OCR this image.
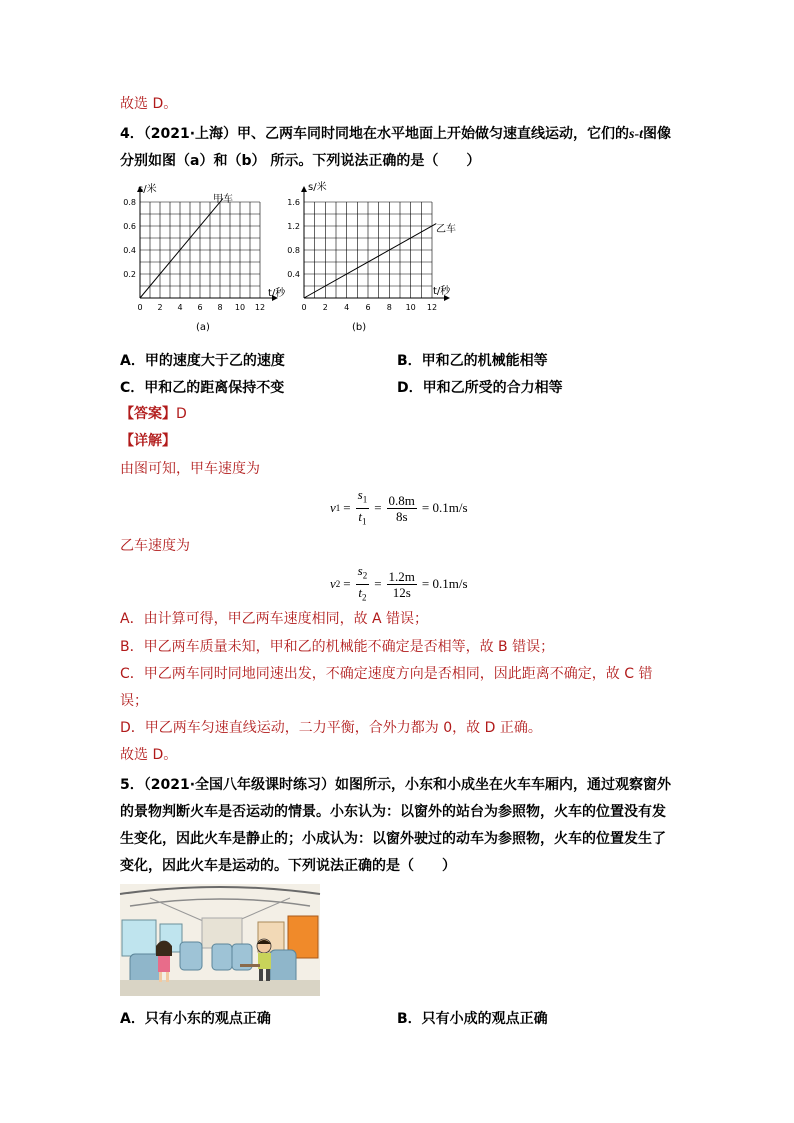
故选 D。
4．（2021·上海）甲、乙两车同时同地在水平地面上开始做匀速直线运动，它们的s-t图像
分别如图（a）和（b） 所示。下列说法正确的是（　　）
s/米
t/秒
甲车
0.2
0.4
0.6
0.8
0 2 4 6 8 10 12
(a)
s/米
t/秒
乙车
0.4
0.8
1.2
1.6
0 2 4 6 8 10 12
(b)
A．甲的速度大于乙的速度	B．甲和乙的机械能相等
C．甲和乙的距离保持不变	D．甲和乙所受的合力相等
【答案】D
【详解】
由图可知，甲车速度为
v $1 = \frac{s_1}{t_1} = \frac{0.8m}{8s} = 0.1m/s$
乙车速度为
v $2 = \frac{s_2}{t_2} = \frac{1.2m}{12s} = 0.1m/s$
A．由计算可得，甲乙两车速度相同，故 A 错误；
B．甲乙两车质量未知，甲和乙的机械能不确定是否相等，故 B 错误；
C．甲乙两车同时同地同速出发，不确定速度方向是否相同，因此距离不确定，故 C 错
误；
D．甲乙两车匀速直线运动，二力平衡，合外力都为 0，故 D 正确。
故选 D。
5．（2021·全国八年级课时练习）如图所示，小东和小成坐在火车车厢内，通过观察窗外
的景物判断火车是否运动的情景。小东认为：以窗外的站台为参照物，火车的位置没有发
生变化，因此火车是静止的；小成认为：以窗外驶过的动车为参照物，火车的位置发生了
变化，因此火车是运动的。下列说法正确的是（　　）
A．只有小东的观点正确	B．只有小成的观点正确
